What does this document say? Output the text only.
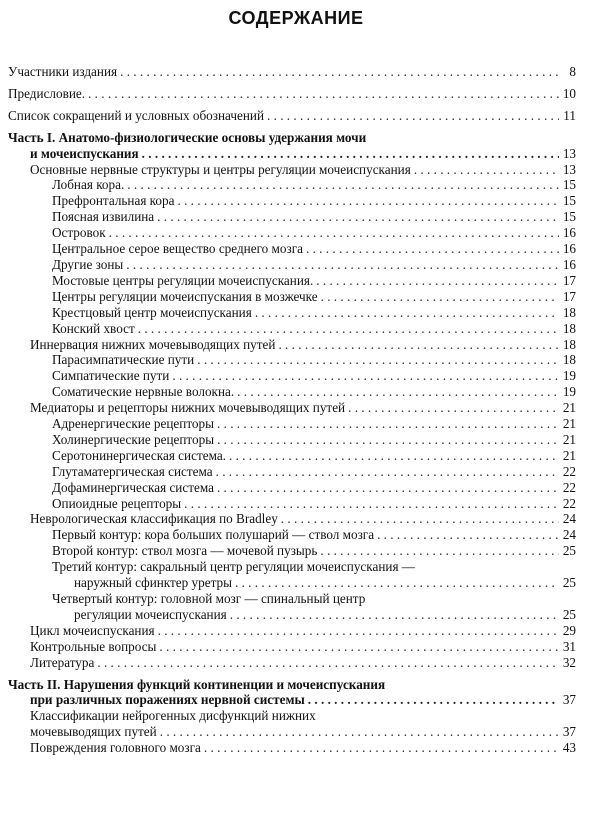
СОДЕРЖАНИЕ
Участники издания . . .	8
Предисловие. . . .	10
Список сокращений и условных обозначений . . .	11
Часть I. Анатомо-физиологические основы удержания мочи
и мочеиспускания . . .	13
Основные нервные структуры и центры регуляции мочеиспускания . . .	13
Лобная кора. . . .	15
Префронтальная кора . . .	15
Поясная извилина . . .	15
Островок . . .	16
Центральное серое вещество среднего мозга . . .	16
Другие зоны . . .	16
Мостовые центры регуляции мочеиспускания. . . .	17
Центры регуляции мочеиспускания в мозжечке . . .	17
Крестцовый центр мочеиспускания . . .	18
Конский хвост . . .	18
Иннервация нижних мочевыводящих путей . . .	18
Парасимпатические пути . . .	18
Симпатические пути . . .	19
Соматические нервные волокна. . . .	19
Медиаторы и рецепторы нижних мочевыводящих путей . . .	21
Адренергические рецепторы . . .	21
Холинергические рецепторы . . .	21
Серотонинергическая система. . . .	21
Глутаматергическая система . . .	22
Дофаминергическая система . . .	22
Опиоидные рецепторы . . .	22
Неврологическая классификация по Bradley . . .	24
Первый контур: кора больших полушарий — ствол мозга . . .	24
Второй контур: ствол мозга — мочевой пузырь . . .	25
Третий контур: сакральный центр регуляции мочеиспускания —
наружный сфинктер уретры . . .	25
Четвертый контур: головной мозг — спинальный центр
регуляции мочеиспускания . . .	25
Цикл мочеиспускания . . .	29
Контрольные вопросы . . .	31
Литература . . .	32
Часть II. Нарушения функций континенции и мочеиспускания
при различных поражениях нервной системы . . .	37
Классификации нейрогенных дисфункций нижних
мочевыводящих путей . . .	37
Повреждения головного мозга . . .	43
